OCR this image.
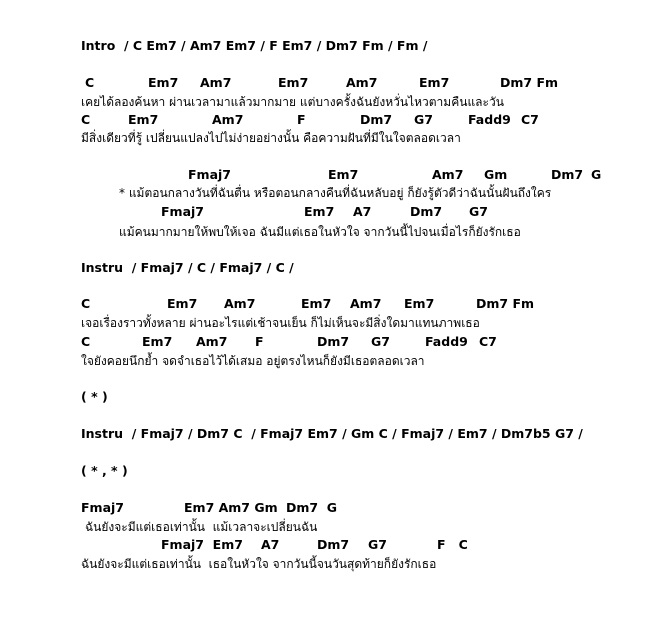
Intro  / C Em7 / Am7 Em7 / F Em7 / Dm7 Fm / Fm /
C	Em7 Am7	Em7	Am7	Em7	Dm7 Fm
เคยได้ลองค้นหา ผ่านเวลามาแล้วมากมาย แต่บางครั้งฉันยังหวั่นไหวตามคืนและวัน
C	Em7	Am7	F	Dm7 G7	Fadd9 C7
มีสิ่งเดียวที่รู้ เปลี่ยนแปลงไปไม่ง่ายอย่างนั้น คือความฝันที่มีในใจตลอดเวลา
Fmaj7	Em7	Am7 Gm	Dm7 G
* แม้ตอนกลางวันที่ฉันตื่น หรือตอนกลางคืนที่ฉันหลับอยู่ ก็ยังรู้ตัวดีว่าฉันนั้นฝันถึงใคร
Fmaj7	Em7 A7	Dm7 G7
แม้คนมากมายให้พบให้เจอ ฉันมีแต่เธอในหัวใจ จากวันนี้ไปจนเมื่อไรก็ยังรักเธอ
Instru  / Fmaj7 / C / Fmaj7 / C /
C	Em7 Am7	Em7 Am7 Em7	Dm7 Fm
เจอเรื่องราวทั้งหลาย ผ่านอะไรแต่เช้าจนเย็น ก็ไม่เห็นจะมีสิ่งใดมาแทนภาพเธอ
C	Em7 Am7 F	Dm7 G7	Fadd9 C7
ใจยังคอยนึกย้ำ จดจำเธอไว้ได้เสมอ อยู่ตรงไหนก็ยังมีเธอตลอดเวลา
( * )
Instru  / Fmaj7 / Dm7 C  / Fmaj7 Em7 / Gm C / Fmaj7 / Em7 / Dm7b5 G7 /
( * , * )
Fmaj7	Em7 Am7 Gm Dm7  G
ฉันยังจะมีแต่เธอเท่านั้น  แม้เวลาจะเปลี่ยนฉัน
Fmaj7  Em7 A7	Dm7 G7	F   C
ฉันยังจะมีแต่เธอเท่านั้น  เธอในหัวใจ จากวันนี้จนวันสุดท้ายก็ยังรักเธอ
